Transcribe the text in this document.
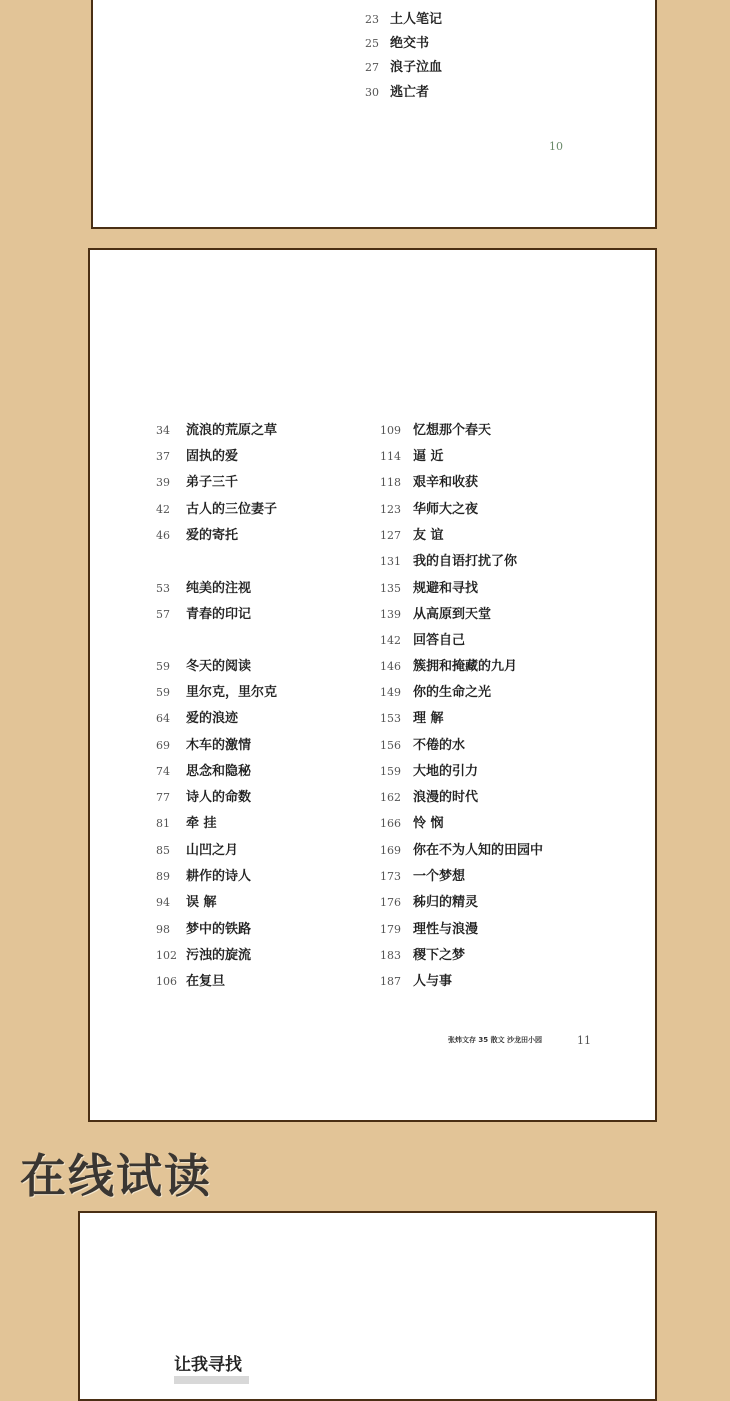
23 土人笔记
25 绝交书
27 浪子泣血
30 逃亡者
10
34 流浪的荒原之草
37 固执的爱
39 弟子三千
42 古人的三位妻子
46 爱的寄托
53 纯美的注视
57 青春的印记
59 冬天的阅读
59 里尔克，里尔克
64 爱的浪迹
69 木车的激情
74 思念和隐秘
77 诗人的命数
81 牵 挂
85 山凹之月
89 耕作的诗人
94 误 解
98 梦中的铁路
102 污浊的旋流
106 在复旦
109 忆想那个春天
114 逼 近
118 艰辛和收获
123 华师大之夜
127 友 谊
131 我的自语打扰了你
135 规避和寻找
139 从高原到天堂
142 回答自己
146 簇拥和掩藏的九月
149 你的生命之光
153 理 解
156 不倦的水
159 大地的引力
162 浪漫的时代
166 怜 悯
169 你在不为人知的田园中
173 一个梦想
176 秭归的精灵
179 理性与浪漫
183 稷下之梦
187 人与事
张炜文存 35 散文 沙龙田小园	11
在线试读
让我寻找
